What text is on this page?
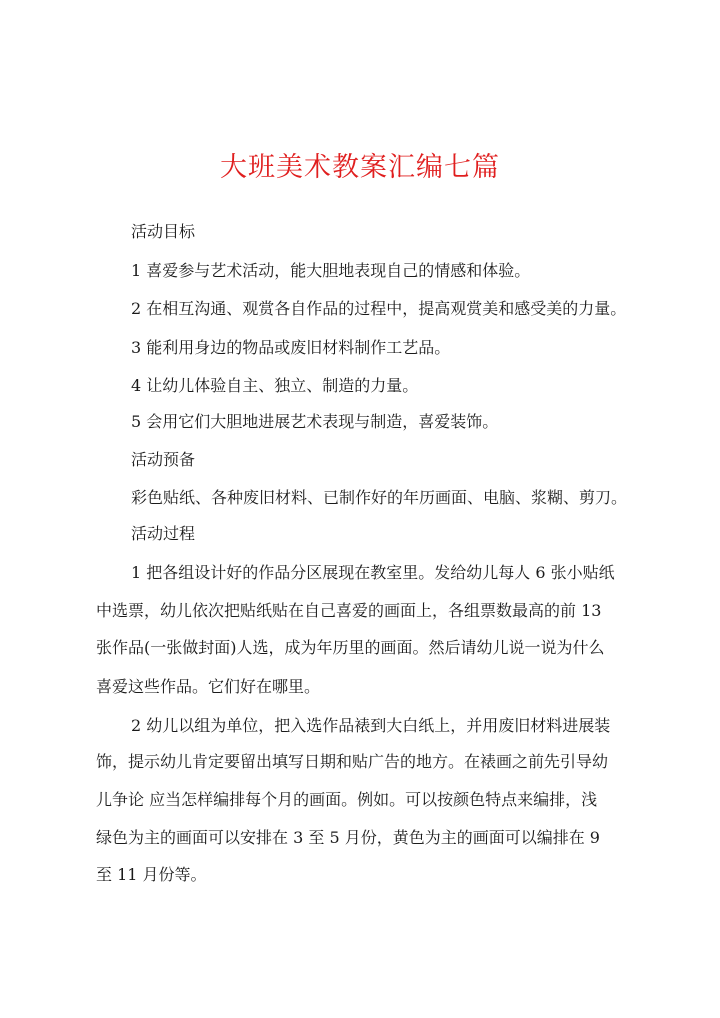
大班美术教案汇编七篇
活动目标
1 喜爱参与艺术活动，能大胆地表现自己的情感和体验。
2 在相互沟通、观赏各自作品的过程中，提高观赏美和感受美的力量。
3 能利用身边的物品或废旧材料制作工艺品。
4 让幼儿体验自主、独立、制造的力量。
5 会用它们大胆地进展艺术表现与制造，喜爱装饰。
活动预备
彩色贴纸、各种废旧材料、已制作好的年历画面、电脑、浆糊、剪刀。
活动过程
1 把各组设计好的作品分区展现在教室里。发给幼儿每人 6 张小贴纸
中选票，幼儿依次把贴纸贴在自己喜爱的画面上，各组票数最高的前 13
张作品(一张做封面)人选，成为年历里的画面。然后请幼儿说一说为什么
喜爱这些作品。它们好在哪里。
2 幼儿以组为单位，把入选作品裱到大白纸上，并用废旧材料进展装
饰，提示幼儿肯定要留出填写日期和贴广告的地方。在裱画之前先引导幼
儿争论 应当怎样编排每个月的画面。例如。可以按颜色特点来编排，浅
绿色为主的画面可以安排在 3 至 5 月份，黄色为主的画面可以编排在 9
至 11 月份等。
